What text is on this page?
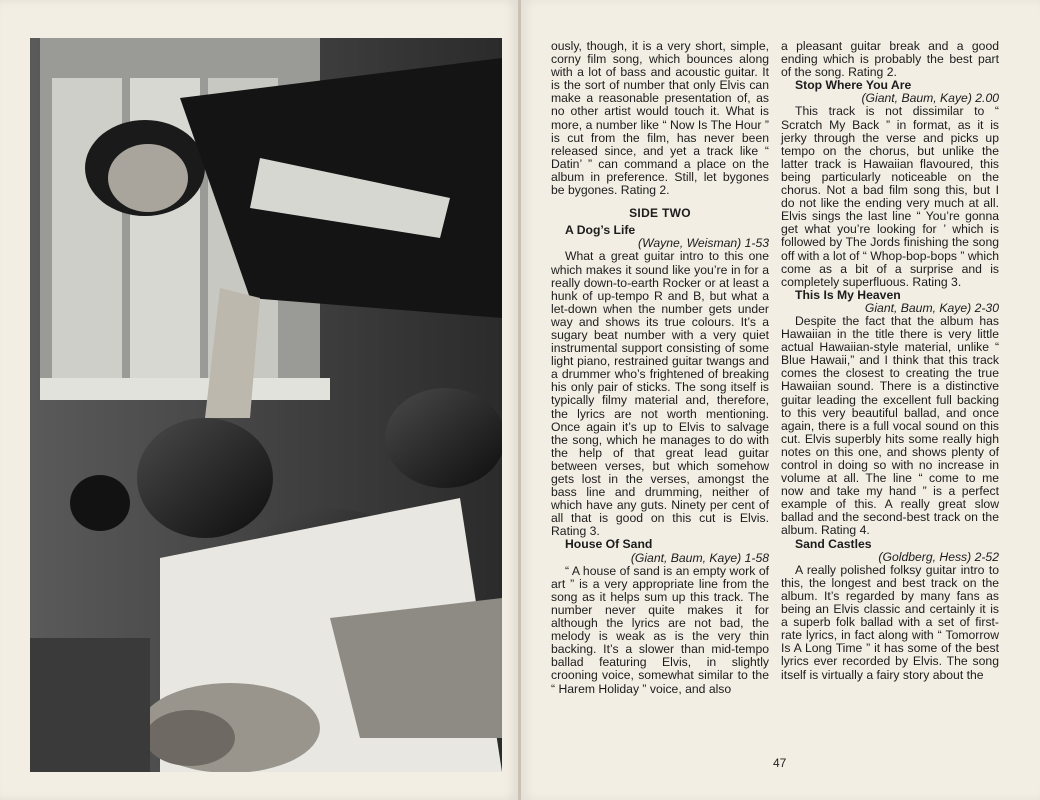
ously, though, it is a very short, simple, corny film song, which bounces along with a lot of bass and acoustic guitar. It is the sort of number that only Elvis can make a reasonable presentation of, as no other artist would touch it. What is more, a number like “ Now Is The Hour ” is cut from the film, has never been released since, and yet a track like “ Datin’ ” can command a place on the album in preference. Still, let bygones be bygones. Rating 2.

SIDE TWO

A Dog’s Life

(Wayne, Weisman) 1-53

What a great guitar intro to this one which makes it sound like you’re in for a really down-to-earth Rocker or at least a hunk of up-tempo R and B, but what a let-down when the number gets under way and shows its true colours. It’s a sugary beat number with a very quiet instrumental support consisting of some light piano, restrained guitar twangs and a drummer who’s frightened of breaking his only pair of sticks. The song itself is typically filmy material and, therefore, the lyrics are not worth mentioning. Once again it’s up to Elvis to salvage the song, which he manages to do with the help of that great lead guitar between verses, but which somehow gets lost in the verses, amongst the bass line and drumming, neither of which have any guts. Ninety per cent of all that is good on this cut is Elvis. Rating 3.

House Of Sand

(Giant, Baum, Kaye) 1-58

“ A house of sand is an empty work of art ” is a very appropriate line from the song as it helps sum up this track. The number never quite makes it for although the lyrics are not bad, the melody is weak as is the very thin backing. It’s a slower than mid-tempo ballad featuring Elvis, in slightly crooning voice, somewhat similar to the “ Harem Holiday ” voice, and also

a pleasant guitar break and a good ending which is probably the best part of the song. Rating 2.

Stop Where You Are

(Giant, Baum, Kaye) 2.00

This track is not dissimilar to “ Scratch My Back ” in format, as it is jerky through the verse and picks up tempo on the chorus, but unlike the latter track is Hawaiian flavoured, this being particularly noticeable on the chorus. Not a bad film song this, but I do not like the ending very much at all. Elvis sings the last line “ You’re gonna get what you’re looking for ’ which is followed by The Jords finishing the song off with a lot of “ Whop-bop-bops ” which come as a bit of a surprise and is completely superfluous. Rating 3.

This Is My Heaven

Giant, Baum, Kaye) 2-30

Despite the fact that the album has Hawaiian in the title there is very little actual Hawaiian-style material, unlike “ Blue Hawaii,” and I think that this track comes the closest to creating the true Hawaiian sound. There is a distinctive guitar leading the excellent full backing to this very beautiful ballad, and once again, there is a full vocal sound on this cut. Elvis superbly hits some really high notes on this one, and shows plenty of control in doing so with no increase in volume at all. The line “ come to me now and take my hand ” is a perfect example of this. A really great slow ballad and the second-best track on the album. Rating 4.

Sand Castles

(Goldberg, Hess) 2-52

A really polished folksy guitar intro to this, the longest and best track on the album. It’s regarded by many fans as being an Elvis classic and certainly it is a superb folk ballad with a set of first-rate lyrics, in fact along with “ Tomorrow Is A Long Time ” it has some of the best lyrics ever recorded by Elvis. The song itself is virtually a fairy story about the

47
